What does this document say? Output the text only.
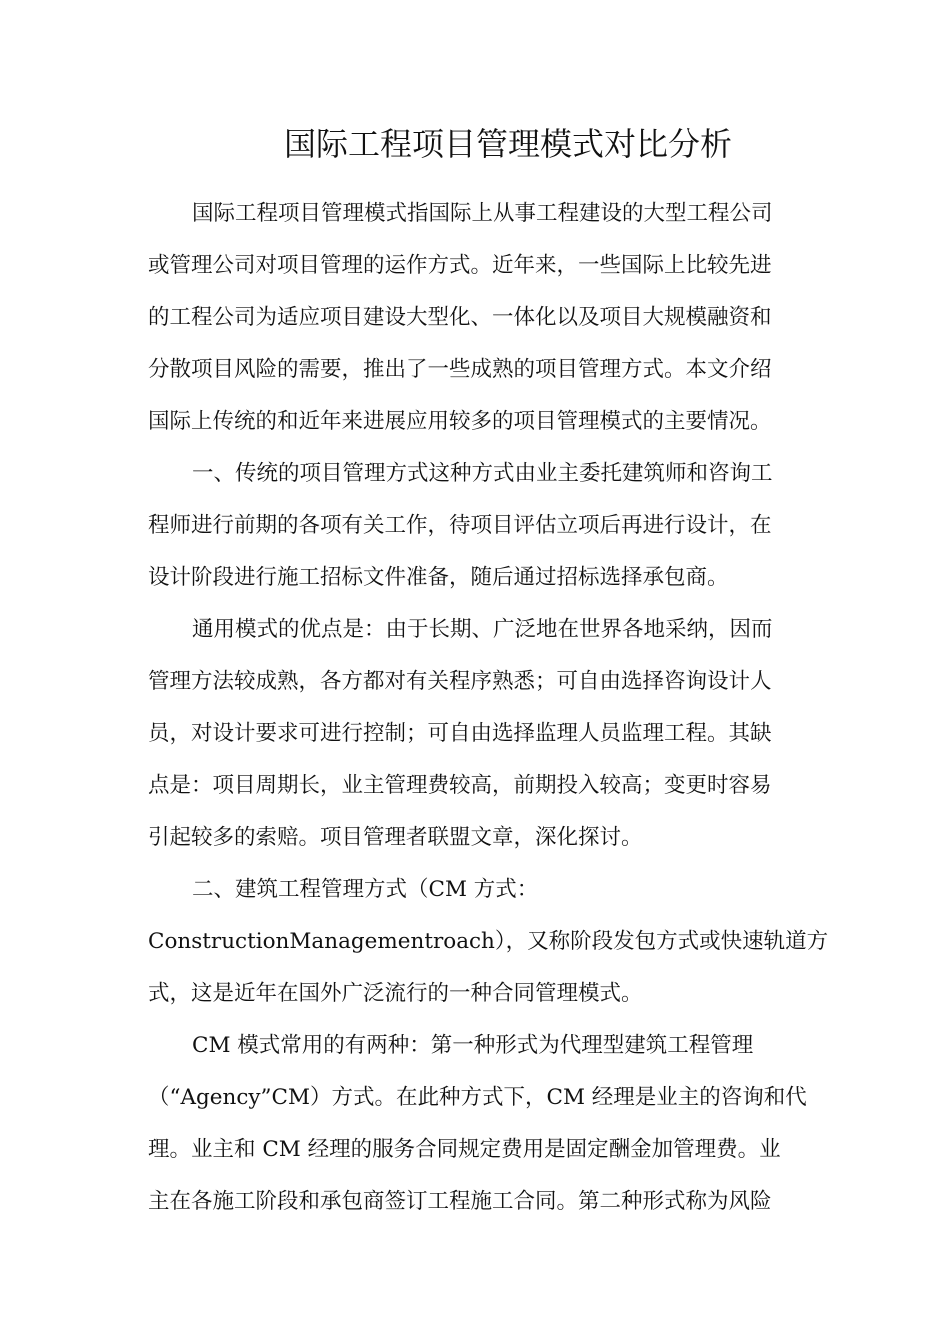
国际工程项目管理模式对比分析
国际工程项目管理模式指国际上从事工程建设的大型工程公司
或管理公司对项目管理的运作方式。近年来，一些国际上比较先进
的工程公司为适应项目建设大型化、一体化以及项目大规模融资和
分散项目风险的需要，推出了一些成熟的项目管理方式。本文介绍
国际上传统的和近年来进展应用较多的项目管理模式的主要情况。
一、传统的项目管理方式这种方式由业主委托建筑师和咨询工
程师进行前期的各项有关工作，待项目评估立项后再进行设计，在
设计阶段进行施工招标文件准备，随后通过招标选择承包商。
通用模式的优点是：由于长期、广泛地在世界各地采纳，因而
管理方法较成熟，各方都对有关程序熟悉；可自由选择咨询设计人
员，对设计要求可进行控制；可自由选择监理人员监理工程。其缺
点是：项目周期长，业主管理费较高，前期投入较高；变更时容易
引起较多的索赔。项目管理者联盟文章，深化探讨。
二、建筑工程管理方式（CM 方式：
ConstructionManagementroach），又称阶段发包方式或快速轨道方
式，这是近年在国外广泛流行的一种合同管理模式。
CM 模式常用的有两种：第一种形式为代理型建筑工程管理
（“Agency”CM）方式。在此种方式下，CM 经理是业主的咨询和代
理。业主和 CM 经理的服务合同规定费用是固定酬金加管理费。业
主在各施工阶段和承包商签订工程施工合同。第二种形式称为风险
